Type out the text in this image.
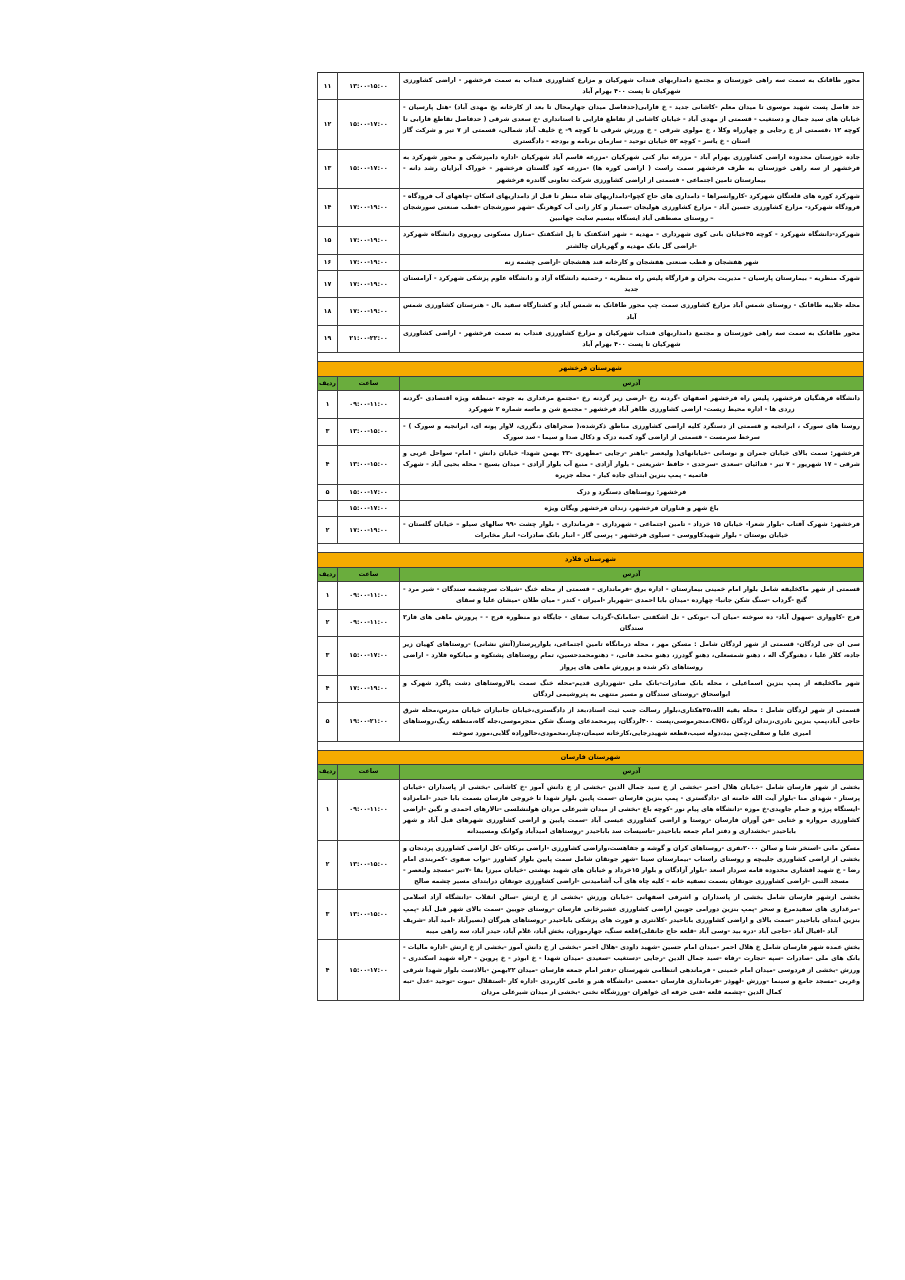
محور طاقانک به سمت سه راهی خوزستان و مجتمع دامداربهای فنداب شهرکیان و مزارع کشاورزی فنداب به سمت فرخشهر - اراضی کشاورزی شهرکیان تا پست ۴۰۰ بهرام آباد	۱۳:۰۰-۱۵:۰۰	۱۱
حد فاصل پست شهید موسوی تا میدان معلم -کاشانی جدید - خ فارابی(حدفاصل میدان جهارمحال تا بعد از کارخانه یخ مهدی آباد) -هتل پارسیان - خیابان های سید جمال و دستغیب - قسمتی از مهدی آباد - خیابان کاشانی از تقاطع فارابی تا استانداری -خ سعدی شرقی ( حدفاصل تقاطع فارابی تا کوچه ۱۲ ،قسمتی از خ رجایی و چهارراه وکلا ، خ مولوی شرقی - خ ورزش شرقی تا کوچه ۹- خ خلیف آباد شمالی، قسمتی از ۷ تیر و شرکت گاز استان - خ یاسر - کوچه ۵۲ خیابان توحید - سازمان برنامه و بودجه - دادگستری	۱۵:۰۰-۱۷:۰۰	۱۲
جاده خوزستان محدوده اراضی کشاورزی بهرام آباد - مزرعه نیاز کنی شهرکیان -مزرعه قاسم آباد شهرکیان -اداره دامپزشکی و محور شهرکرد به فرخشهر از سه راهی خوزستان به طرف فرخشهر سمت راست ( اراضی کوره ها) -مزرعه کود گلستان فرخشهر - خوراک آبزایان رشد دانه - بیمارستان تامین اجتماعی - قسمتی از اراضی کشاورزی شرکت تعاونی گاندره فرخشهر	۱۵:۰۰-۱۷:۰۰	۱۳
شهرکرد کوره های قلعتگان شهرکرد -کاروانسراها – دامداری های حاج کچوا-دامداریهای شاه منظر تا قبل از دامداریهای اسکان -چاههای آب فرودگاه - فرودگاه شهرکرد- مزارع کشاورزی حسین آباد - مزارع کشاورزی هولیجان -سمباز و کار زانی آب کوهرنگ -شهر سورشجان -قطب صنعتی سورشجان – روستای مصطفی آباد ایستگاه بیسیم سایت جهانبین	۱۷:۰۰-۱۹:۰۰	۱۴
شهرکرد-دانشگاه شهرکرد - کوچه ۴۵خیابان بانی کوی شهرداری - مهدیه – شهر اشکفتک تا پل اشکفتک –منازل مسکونی روبروی دانشگاه شهرکرد -اراضی گل بانک مهدیه و گهرباران چالشتر	۱۷:۰۰-۱۹:۰۰	۱۵
شهر هفشجان و قطب صنعتی هفشجان و کارخانه قند هفشجان -اراضی چشمه زنه	۱۷:۰۰-۱۹:۰۰	۱۶
شهرک منظریه - بیمارستان پارسیان - مدیریت بحران و قرارگاه پلیس راه منظریه - رحمتیه دانشگاه آزاد و دانشگاه علوم پزشکی شهرکرد - آرامستان جدید	۱۷:۰۰-۱۹:۰۰	۱۷
محله جلاییه طاقانک - روستای شمس آباد مزارع کشاورزی سمت چپ محور طاقانک به شمس آباد و کشتارگاه سفید بال - هنرستان کشاورزی شمس آباد	۱۷:۰۰-۱۹:۰۰	۱۸
محور طاقانک به سمت سه راهی خوزستان و مجتمع دامداربهای فنداب شهرکیان و مزارع کشاورزی فنداب به سمت فرخشهر - اراضی کشاورزی شهرکیان تا پست ۴۰۰ بهرام آباد	۲۱:۰۰-۲۲:۰۰	۱۹

شهرستان فرخشهر		
آدرس	ساعت	ردیف
دانشگاه فرهنگیان فرخشهر، پلیس راه فرخشهر اصفهان -گردنه رخ -ارضی زیر گردنه رخ -مجتمع مرغداری به جوجه -منطقه ویژه اقتصادی -گردنه زردی ها - اداره محیط زیست- اراضی کشاورزی ظاهر آباد فرخشهر - مجتمع شن و ماسه شماره ۲ شهرکرد	۰۹:۰۰-۱۱:۰۰	۱
روستا های سورک ، ابرانجیه و قسمتی از دستگرد کلیه اراضی کشاورزی مناطق ذکرشده،( صحراهای دنگزری، لاوار پونه ای، ابرانجیه و سورک ) - سرخط سرمست - قسمتی از اراضی گود کمبه دزک و دکال صدا و سیما - سد سورک	۱۳:۰۰-۱۵:۰۰	۳
فرخشهر: سمت بالای خیابان جمران و نوسانی -خیابانهای( ولیعصر -باهنر -رجایی -مطهری -۲۳ بهمن شهدا- خیابان دانش - امام- سواحل غربی و شرقی – ۱۷ شهریور - ۷ تیر - فدائیان -سعدی -سرحدی - حافظ -شریعتی - بلوار آزادی - منبع آب بلوار آزادی - میدان بسیج - محله بحیی آباد - شهرک فاتمیه - پمپ بنزین ابتدای جاده کیار - محله جزیره	۱۳:۰۰-۱۵:۰۰	۴
فرخشهر: روستاهای دستگرد و دزک	۱۵:۰۰-۱۷:۰۰	۵
باغ شهر و فناوران فرخشهر، زندان فرخشهر ویگان ویژه	۱۵:۰۰-۱۷:۰۰	
فرخشهر: شهرک آفتاب -بلوار شعرا- خیابان ۱۵ خرداد - تامین اجتماعی - شهرداری – فرمانداری - بلوار چشت -۹۹ سالهای سیلو – خیابان گلستان - خیابان بوستان - بلوار شهیدکاووسی - سیلوی فرخشهر - پرسی گاز - انبار بانک صادرات- انبار مخابرات	۱۷:۰۰-۱۹:۰۰	۲

شهرستان فلارد		
آدرس	ساعت	ردیف
قسمتی از شهر ماکخلیفه شامل بلوار امام خمینی بیمارستان - اداره برق -فرمانداری - قسمتی از محله خنگ -شیلات سرچشمه سندگان - شیر مرد - گنج -گرداب -سنگ شکن جانبا- چهارده -میدان بابا احمدی -شهربار -امیران - کندر - میان طلان -میشان علیا و سقای	۰۹:۰۰-۱۱:۰۰	۱
فرج -کاوواری -سهول آباد- ده سوخته -میان آب -بونکی - تل اشکفتی -سامانک-گرداب سقای - جایگاه دو منظوره فرج - - پرورش ماهی های فاز۲ سندگان	۰۹:۰۰-۱۱:۰۰	۲
سی ان جی لردگان- قسمتی از شهر لردگان شامل : مسکن مهر ، محله درمانگاه تامین اجتماعی، بلوارپرستار(آتش نشانی) -روستاهای کهیان زیر جاده، کلار علیا ، دهنوگرگ اله ، دهنو شمسعلی، دهنو گودرز، دهنو محمد فانی، - دهنومحمدحسین، تمام روستاهای پشتکوه و میانکوه فلارد - اراضی روستاهای ذکر شده و پرورش ماهی های پرواز	۱۵:۰۰-۱۷:۰۰	۳
شهر ماکخلیفه از پمپ بنزین اسماعیلی ، محله بانک صادرات-بانک ملی -شهرداری قدیم-محله خنگ سمت بالاروستاهای دشت پاگرد شهرک و ابواسحاق -روستای سندگان و مسیر منتهی به پتروشیمی لردگان	۱۷:۰۰-۱۹:۰۰	۴
قسمتی از شهر لردگان شامل : محله بقیه الله،۲۵هکتاری،بلوار رسالت جنب ثبت اسناد،بعد از دادگستری،خیابان جانبازان خیابان مدرس،محله شرق حاجی آباد،پمپ بنزین نادری،زندان لردگان ،CNG،منجرموسی،پست ۴۰۰لردگان، پیرمحمدعای وسنگ شکن منجرموسی،جله گاه،منطقه ریگ،روستاهای امیری علیا و سفلی،چمن بید،دوله سیب،قطعه شهیدرجایی،کارخانه سیمان،چنار،محمودی،حالوراده گلابی،مورد سوخته	۱۹:۰۰-۲۱:۰۰	۵

شهرستان فارسان		
آدرس	ساعت	ردیف
بخشی از شهر فارسان شامل -خیابان هلال احمر -بخشی از خ سید جمال الدین -بخشی از خ دانش آموز -خ کاشانی -بخشی از پاسداران -خیابان پرستار - شهدای منا -بلوار آیت الله خامنه ای -دادگستری - پمپ بنزین فارسان -سمت پایین بلوار شهدا تا خروجی فارسان بسمت بابا حیدر -امامزاده -ایستگاه پرژه و حمام جاویدی-خ موزه -دانشگاه های پیام نور -کوچه باغ -بخشی از میدان شیرعلی مردان هولنشلسی -تالارهای احمدی و نگین -اراضی کشاورزی مروازه و ختایی -فن آوران فارسان -روستا و اراضی کشاورزی عیسی آباد -سمت پایین و اراضی کشاورزی شهرهای قبل آباد و شهر باباحیدر -بخشداری و دفتر امام جمعه باباحیدر -تاسیسات سد باباحیدر -روستاهای امیدآباد وکوانک ومسیبدانه	۰۹:۰۰-۱۱:۰۰	۱
مسکن مانی -استخر شنا و سالن ۲۰۰۰نفری -روستاهای کران و گوشه و جفاهست،واراضی کشاورزی -اراضی برنکان -کل اراضی کشاورزی پردنجان و بخشی از اراضی کشاورزی جلیبچه و روستای راستاب -بیمارستان سینا -شهر جونقان شامل سمت پایین بلوار کشاورز -نواب صفوی -کمربندی امام رضا - خ شهید افشاری محدوده قامه سردار اسعد -بلوار آزادگان و بلوار ۱۵خرداد و خیابان های شهید بهشتی -خیابان میرزا بقا -۷تیر -مسجد ولیعصر - مسجد التبی -اراضی کشاورزی جونقان بسمت تصفیه خانه - کلیه چاه های آب آشامیدنی -اراضی کشاورزی جونقان درابتدای مسیر چشمه صالح	۱۳:۰۰-۱۵:۰۰	۲
بخشی ازشهر فارسان شامل بخشی از پاسداران و اشرفی اصفهانی -خیابان ورزش -بخشی از خ ارتش -سالن انقلاب -دانشگاه آزاد اسلامی -مرغداری های سفیدمرغ و سحر -پمپ بنزین دورامی جویین اراضی کشاورزی عشیرخانی فارسان -روستای جویین -سمت بالای شهر قبل آباد -پمپ بنزین ابتدای باباحیدر -سمت بالای و اراضی کشاورزی باباحیدر -کلانتری و فورت های پزشکی باباحیدر -روستاهای هیرگان (نصیرآباد -امید آباد -شریف آباد -افیال آباد -حاجی آباد -دره بید -وسی آباد -قلعه حاج جانقلی)قلعه سنگ، جهارموزان، بخش آباد، غلام آباد، حیدر آباد، سه راهی میبه	۱۳:۰۰-۱۵:۰۰	۳
بخش عمده شهر فارسان شامل خ هلال احمر -میدان امام حسین -شهید داودی -هلال احمر -بخشی از خ دانش آموز -بخشی از خ ارتش -اداره مالیات - بانک های ملی -صادرات -سپه -تجارت -رفاه -سید جمال الدین -رجایی -دستغیب -سعیدی -میدان شهدا - خ ابوذر - خ پروین - ۴راه شهید اسکندری - ورزش -بخشی از فردوسی -میدان امام خمینی - فرماندهی انتظامی شهرستان -دفتر امام جمعه فارسان -میدان ۲۲بهمن -بالادست بلوار شهدا شرقی وغربی -مسجد جامع و سینما -ورزش -لهوذر -فرمانداری فارسان -معصی -دانشگاه هنر و عامی کاربردی -اداره کار -استقلال -نبوت -توحید -عدل -تبه کمال الدین -چشمه قلعه -فنی حرفه ای خواهران -ورزشگاه نخنی -بخشی از میدان شیرعلی مردان	۱۵:۰۰-۱۷:۰۰	۴
